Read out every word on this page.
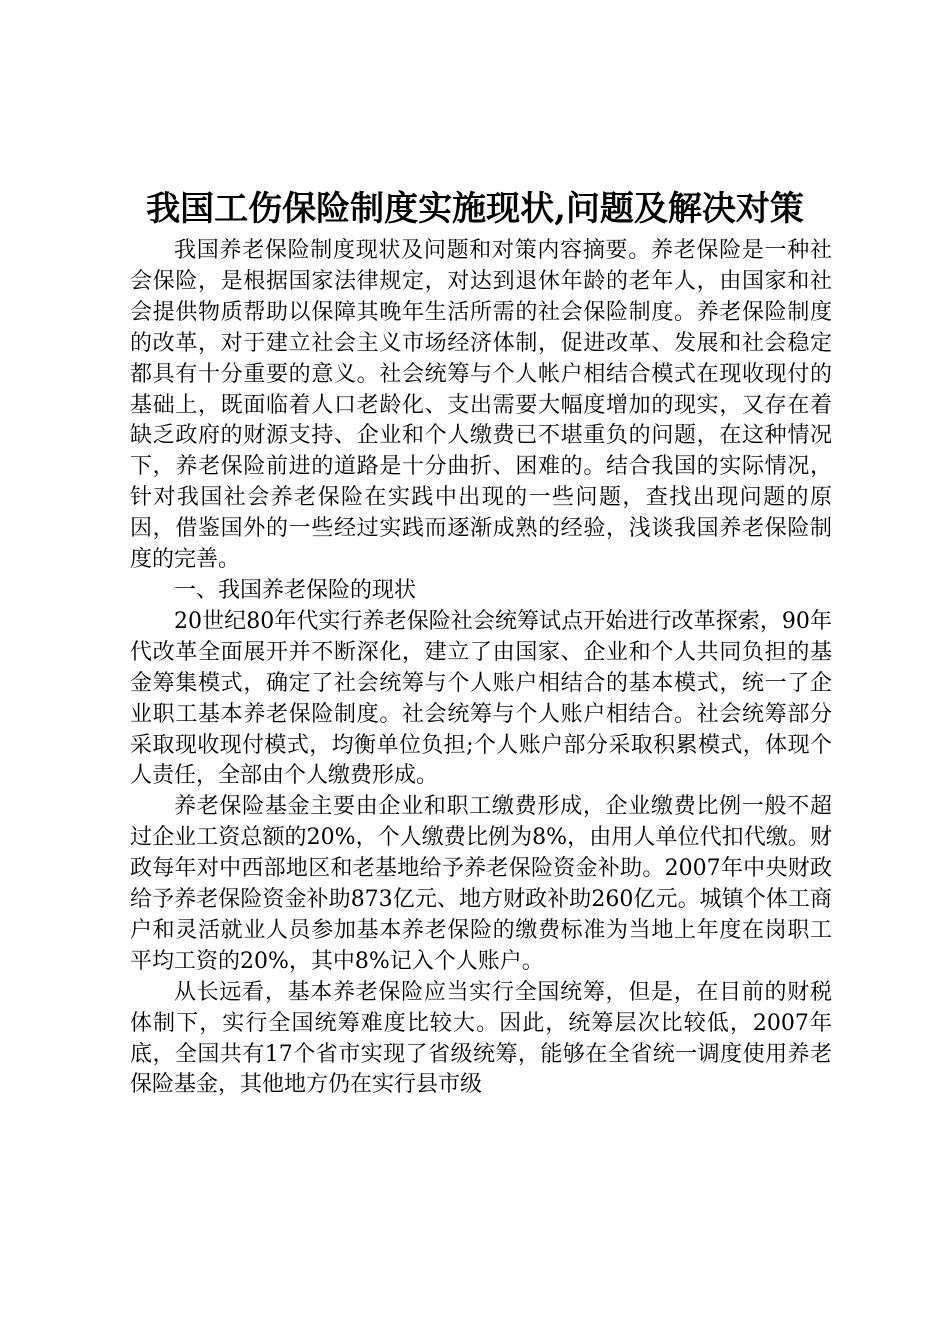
我国工伤保险制度实施现状,问题及解决对策

我国养老保险制度现状及问题和对策内容摘要。养老保险是一种社会保险，是根据国家法律规定，对达到退休年龄的老年人，由国家和社会提供物质帮助以保障其晚年生活所需的社会保险制度。养老保险制度的改革，对于建立社会主义市场经济体制，促进改革、发展和社会稳定都具有十分重要的意义。社会统筹与个人帐户相结合模式在现收现付的基础上，既面临着人口老龄化、支出需要大幅度增加的现实，又存在着缺乏政府的财源支持、企业和个人缴费已不堪重负的问题，在这种情况下，养老保险前进的道路是十分曲折、困难的。结合我国的实际情况，针对我国社会养老保险在实践中出现的一些问题，查找出现问题的原因，借鉴国外的一些经过实践而逐渐成熟的经验，浅谈我国养老保险制度的完善。

一、我国养老保险的现状

20世纪80年代实行养老保险社会统筹试点开始进行改革探索，90年代改革全面展开并不断深化，建立了由国家、企业和个人共同负担的基金筹集模式，确定了社会统筹与个人账户相结合的基本模式，统一了企业职工基本养老保险制度。社会统筹与个人账户相结合。社会统筹部分采取现收现付模式，均衡单位负担;个人账户部分采取积累模式，体现个人责任，全部由个人缴费形成。

养老保险基金主要由企业和职工缴费形成，企业缴费比例一般不超过企业工资总额的20%，个人缴费比例为8%，由用人单位代扣代缴。财政每年对中西部地区和老基地给予养老保险资金补助。2007年中央财政给予养老保险资金补助873亿元、地方财政补助260亿元。城镇个体工商户和灵活就业人员参加基本养老保险的缴费标准为当地上年度在岗职工平均工资的20%，其中8%记入个人账户。

从长远看，基本养老保险应当实行全国统筹，但是，在目前的财税体制下，实行全国统筹难度比较大。因此，统筹层次比较低，2007年底，全国共有17个省市实现了省级统筹，能够在全省统一调度使用养老保险基金，其他地方仍在实行县市级
